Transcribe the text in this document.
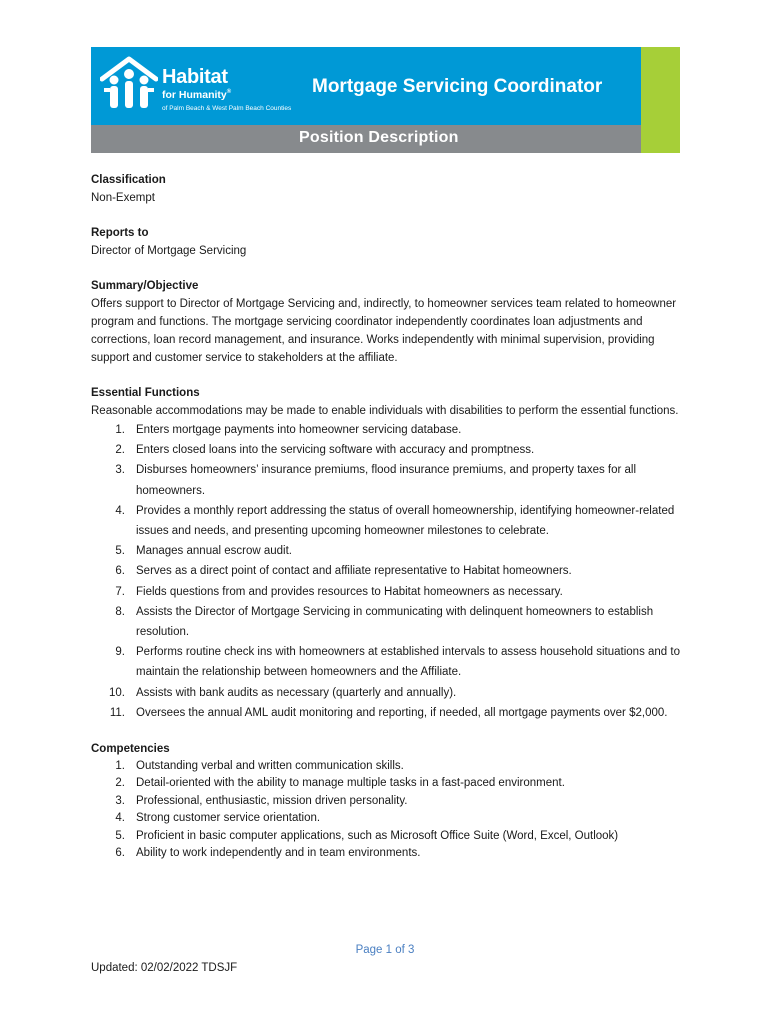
Position Description
Habitat
for Humanity®
of Palm Beach & West Palm Beach Counties
Mortgage Servicing Coordinator
Classification
Non-Exempt
Reports to
Director of Mortgage Servicing
Summary/Objective
Offers support to Director of Mortgage Servicing and, indirectly, to homeowner services team related to homeowner program and functions. The mortgage servicing coordinator independently coordinates loan adjustments and corrections, loan record management, and insurance. Works independently with minimal supervision, providing support and customer service to stakeholders at the affiliate.
Essential Functions
Reasonable accommodations may be made to enable individuals with disabilities to perform the essential functions.
1. Enters mortgage payments into homeowner servicing database.
2. Enters closed loans into the servicing software with accuracy and promptness.
3. Disburses homeowners’ insurance premiums, flood insurance premiums, and property taxes for all homeowners.
4. Provides a monthly report addressing the status of overall homeownership, identifying homeowner-related issues and needs, and presenting upcoming homeowner milestones to celebrate.
5. Manages annual escrow audit.
6. Serves as a direct point of contact and affiliate representative to Habitat homeowners.
7. Fields questions from and provides resources to Habitat homeowners as necessary.
8. Assists the Director of Mortgage Servicing in communicating with delinquent homeowners to establish resolution.
9. Performs routine check ins with homeowners at established intervals to assess household situations and to maintain the relationship between homeowners and the Affiliate.
10. Assists with bank audits as necessary (quarterly and annually).
11. Oversees the annual AML audit monitoring and reporting, if needed, all mortgage payments over $2,000.
Competencies
1. Outstanding verbal and written communication skills.
2. Detail-oriented with the ability to manage multiple tasks in a fast-paced environment.
3. Professional, enthusiastic, mission driven personality.
4. Strong customer service orientation.
5. Proficient in basic computer applications, such as Microsoft Office Suite (Word, Excel, Outlook)
6. Ability to work independently and in team environments.
Page 1 of 3
Updated: 02/02/2022 TDSJF
